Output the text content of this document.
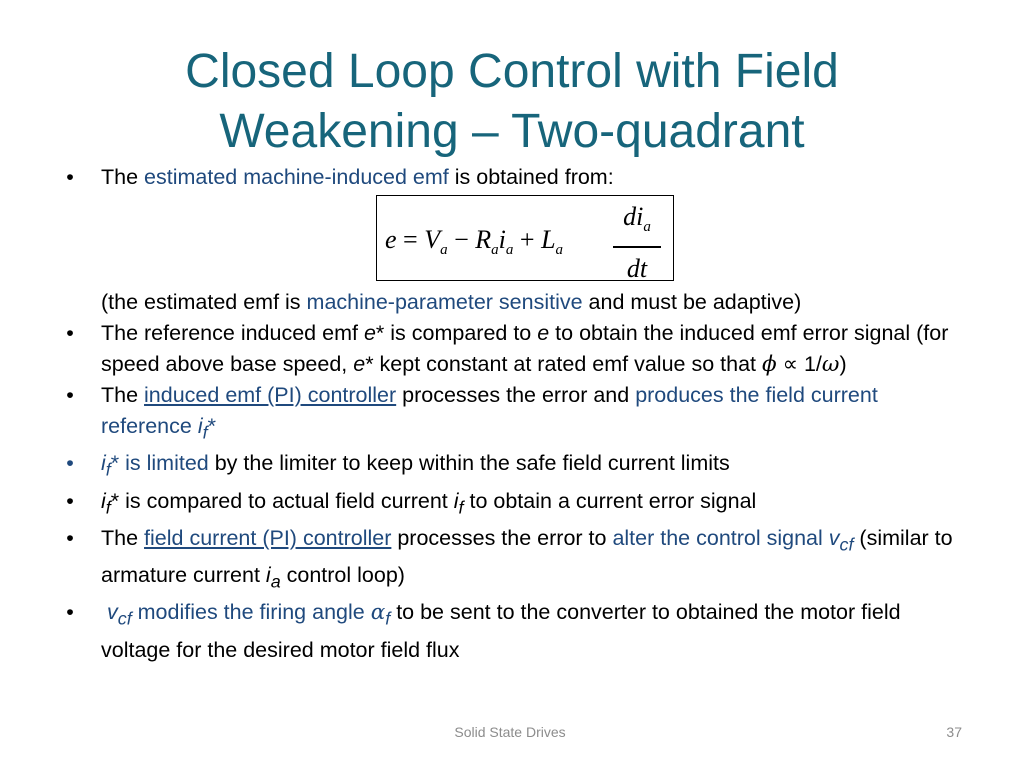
Closed Loop Control with Field
Weakening – Two-quadrant
• The estimated machine-induced emf is obtained from:
$e = V_a - R_ai_a + L_a$
$di_a$
dt
(the estimated emf is machine-parameter sensitive and must be adaptive)
• The reference induced emf e* is compared to e to obtain the induced emf error signal (for speed above base speed, e* kept constant at rated emf value so that ϕ ∝ 1/ω)
• The induced emf (PI) controller processes the error and produces the field current reference $i_f*$
• $i_f*$ is limited by the limiter to keep within the safe field current limits
• $i_f*$ is compared to actual field current $i_f$ to obtain a current error signal
• The field current (PI) controller processes the error to alter the control signal $v_{cf}$ (similar to armature current $i_a$ control loop)
• $v_{cf}$ modifies the firing angle $\alpha_f$ to be sent to the converter to obtained the motor field voltage for the desired motor field flux
Solid State Drives	37
